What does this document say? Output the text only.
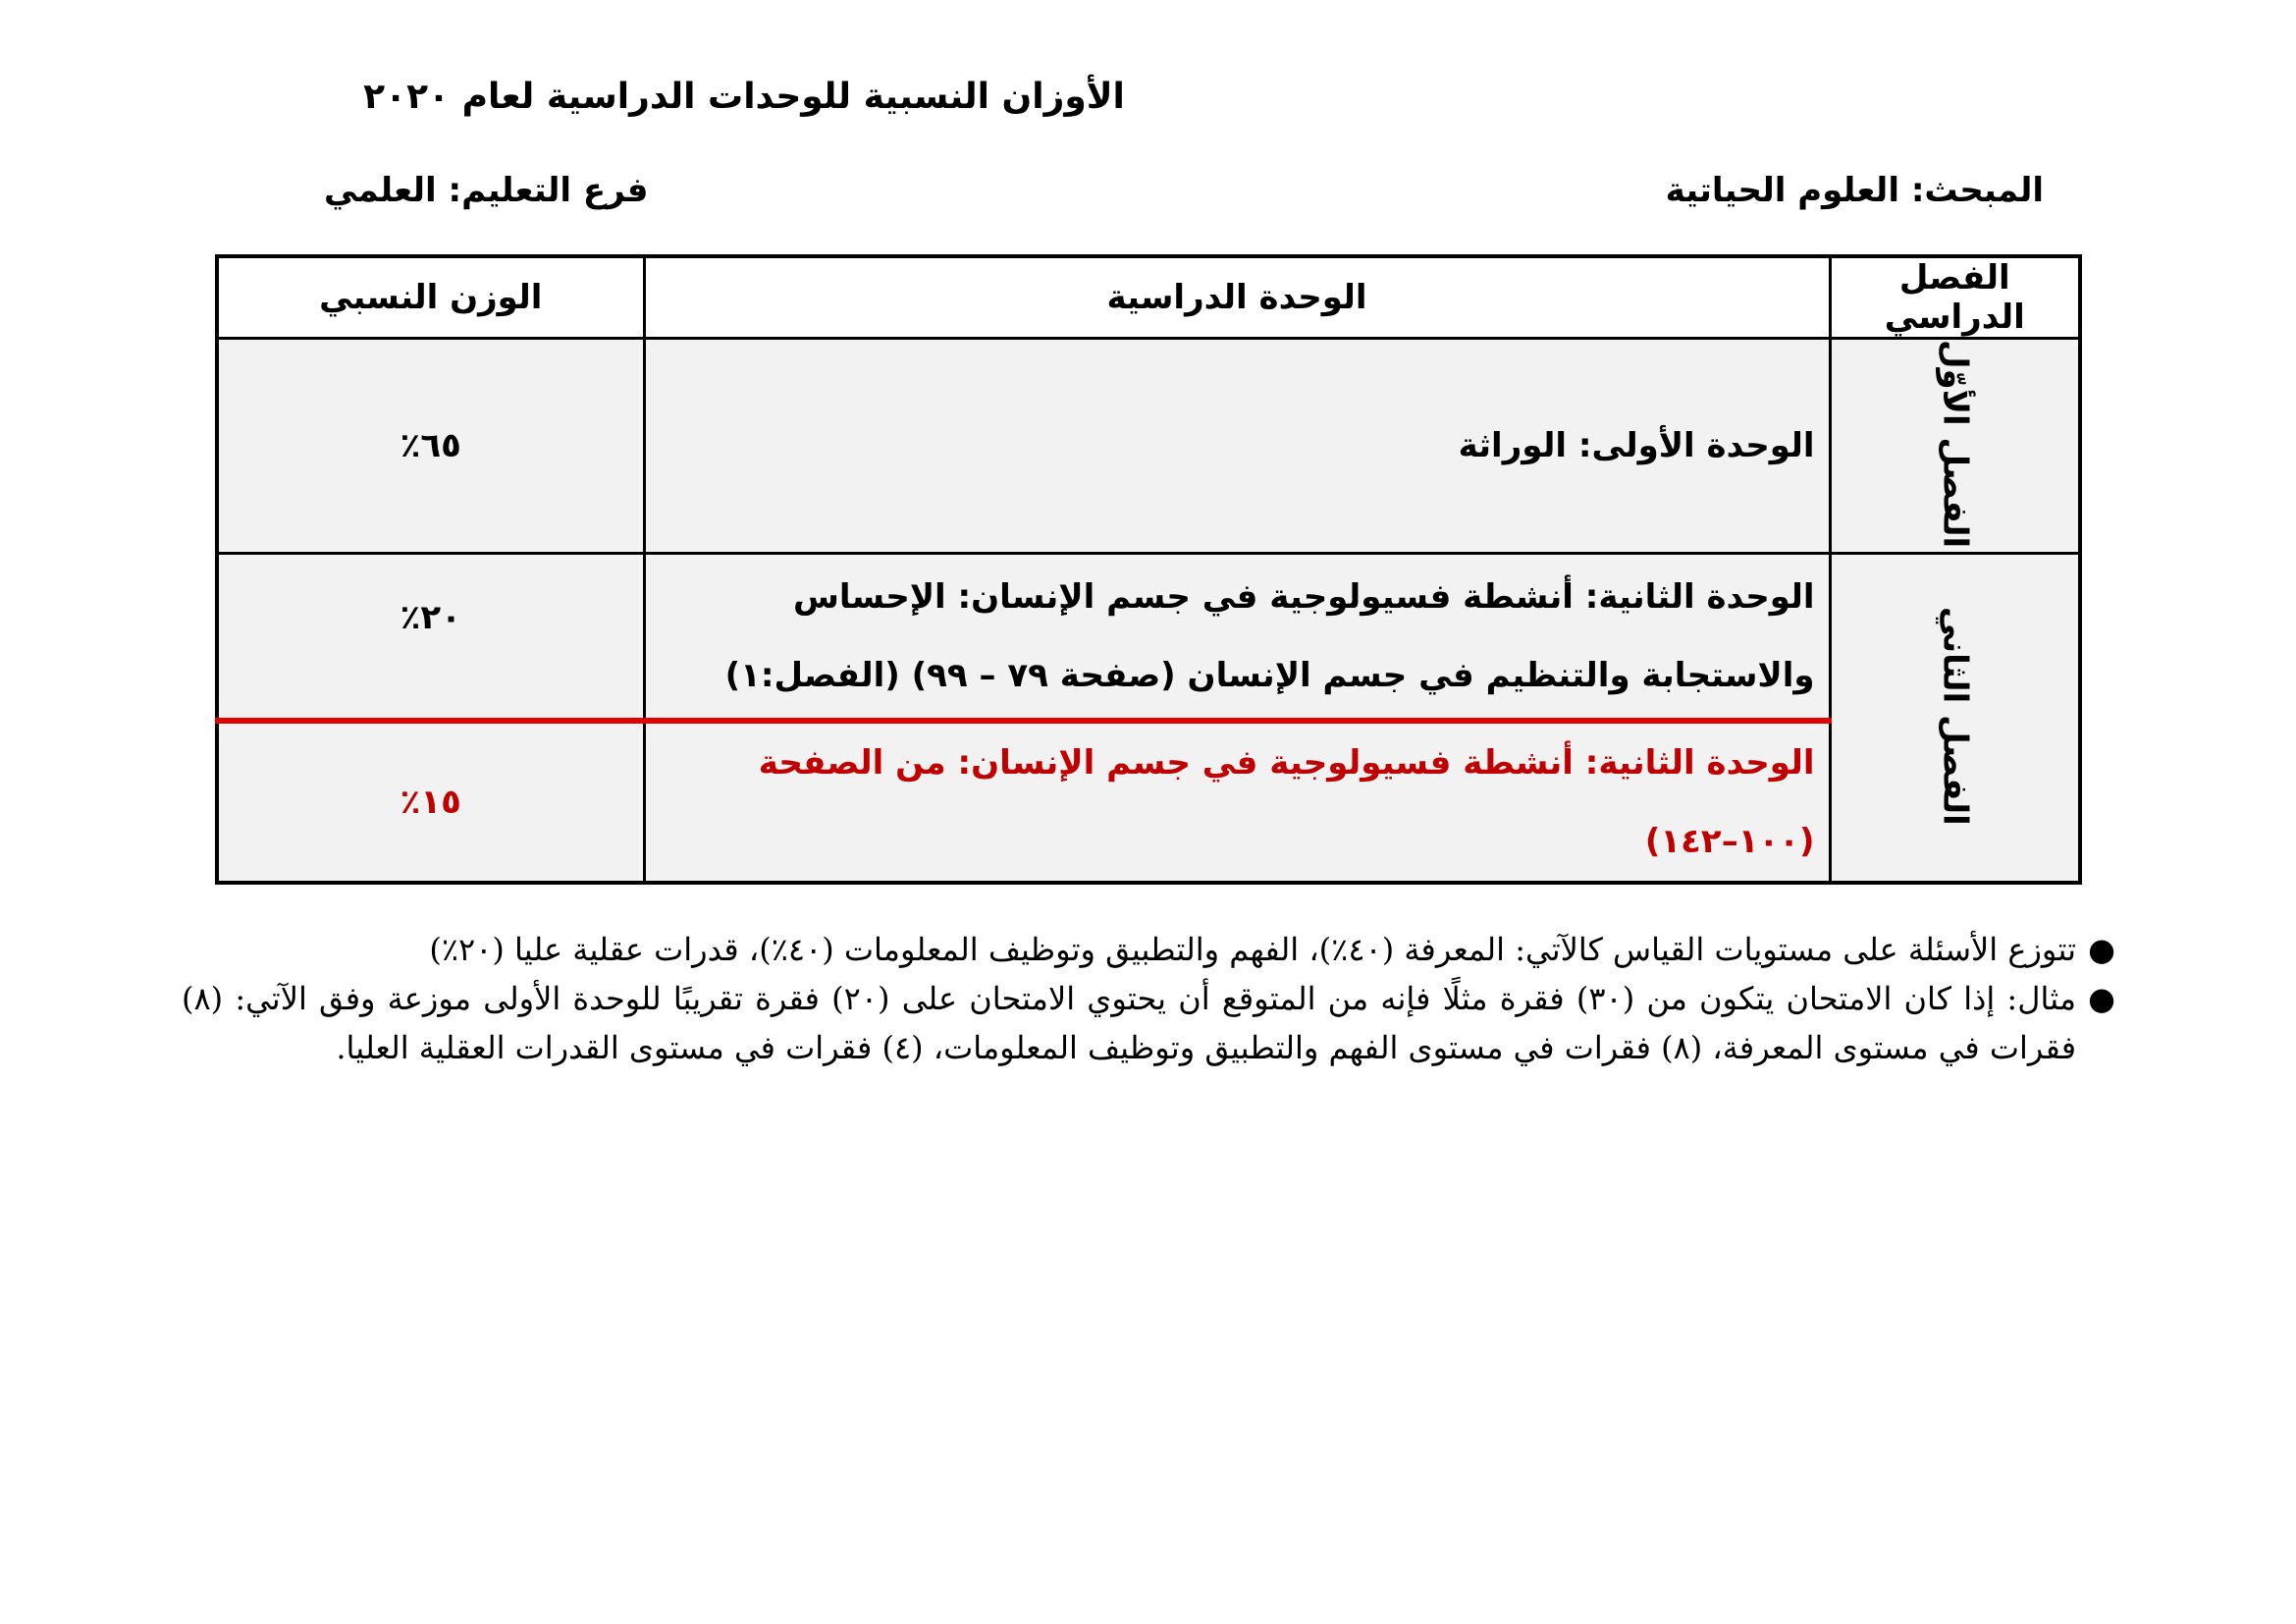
الأوزان النسبية للوحدات الدراسية لعام ٢٠٢٠
المبحث: العلوم الحياتية
فرع التعليم: العلمي
الفصل الدراسي	الوحدة الدراسية	الوزن النسبي
الفصل الأوّل	الوحدة الأولى: الوراثة	٦٥٪
الفصل الثاني	الوحدة الثانية: أنشطة فسيولوجية في جسم الإنسان: الإحساس والاستجابة والتنظيم في جسم الإنسان (صفحة ٧٩ – ٩٩) (الفصل:١)	٢٠٪
	الوحدة الثانية: أنشطة فسيولوجية في جسم الإنسان: من الصفحة (١٠٠–١٤٢)	١٥٪
●
تتوزع الأسئلة على مستويات القياس كالآتي: المعرفة (٤٠٪)، الفهم والتطبيق وتوظيف المعلومات (٤٠٪)، قدرات عقلية عليا (٢٠٪)
●
مثال: إذا كان الامتحان يتكون من (٣٠) فقرة مثلًا فإنه من المتوقع أن يحتوي الامتحان على (٢٠) فقرة تقريبًا للوحدة الأولى موزعة وفق الآتي: (٨) فقرات في مستوى المعرفة، (٨) فقرات في مستوى الفهم والتطبيق وتوظيف المعلومات، (٤) فقرات في مستوى القدرات العقلية العليا.
